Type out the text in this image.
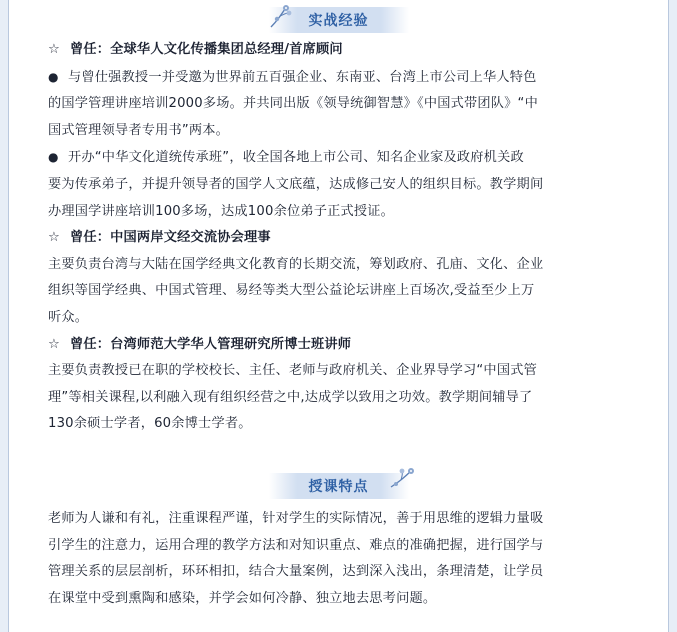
实战经验
☆ 曾任：全球华人文化传播集团总经理/首席顾问
● 与曾仕强教授一并受邀为世界前五百强企业、东南亚、台湾上市公司上华人特色
的国学管理讲座培训2000多场。并共同出版《领导统御智慧》《中国式带团队》“中
国式管理领导者专用书”两本。
● 开办“中华文化道统传承班”，收全国各地上市公司、知名企业家及政府机关政
要为传承弟子，并提升领导者的国学人文底蕴，达成修己安人的组织目标。教学期间
办理国学讲座培训100多场，达成100余位弟子正式授证。
☆ 曾任：中国两岸文经交流协会理事
主要负责台湾与大陆在国学经典文化教育的长期交流，筹划政府、孔庙、文化、企业
组织等国学经典、中国式管理、易经等类大型公益论坛讲座上百场次,受益至少上万
听众。
☆ 曾任：台湾师范大学华人管理研究所博士班讲师
主要负责教授已在职的学校校长、主任、老师与政府机关、企业界导学习“中国式管
理”等相关课程,以利融入现有组织经营之中,达成学以致用之功效。教学期间辅导了
130余硕士学者，60余博士学者。
授课特点
老师为人谦和有礼，注重课程严谨，针对学生的实际情况，善于用思维的逻辑力量吸
引学生的注意力，运用合理的教学方法和对知识重点、难点的准确把握，进行国学与
管理关系的层层剖析，环环相扣，结合大量案例，达到深入浅出，条理清楚，让学员
在课堂中受到熏陶和感染，并学会如何冷静、独立地去思考问题。
